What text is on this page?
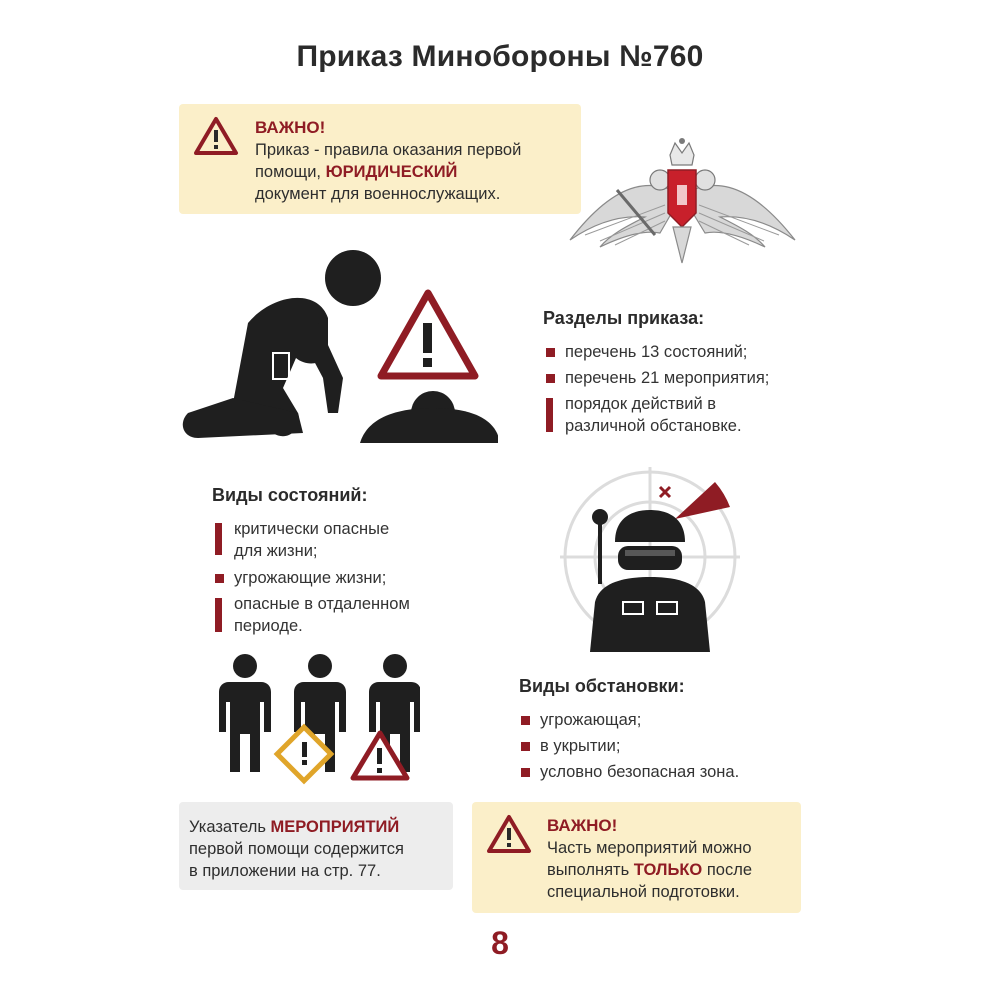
Приказ Минобороны №760
ВАЖНО!
Приказ - правила оказания первой
помощи, ЮРИДИЧЕСКИЙ
документ для военнослужащих.
Разделы приказа:
перечень 13 состояний;
перечень 21 мероприятия;
порядок действий в
различной обстановке.
Виды состояний:
критически опасные
для жизни;
угрожающие жизни;
опасные в отдаленном
периоде.
Виды обстановки:
угрожающая;
в укрытии;
условно безопасная зона.
Указатель МЕРОПРИЯТИЙ
первой помощи содержится
в приложении на стр. 77.
ВАЖНО!
Часть мероприятий можно
выполнять ТОЛЬКО после
специальной подготовки.
8
